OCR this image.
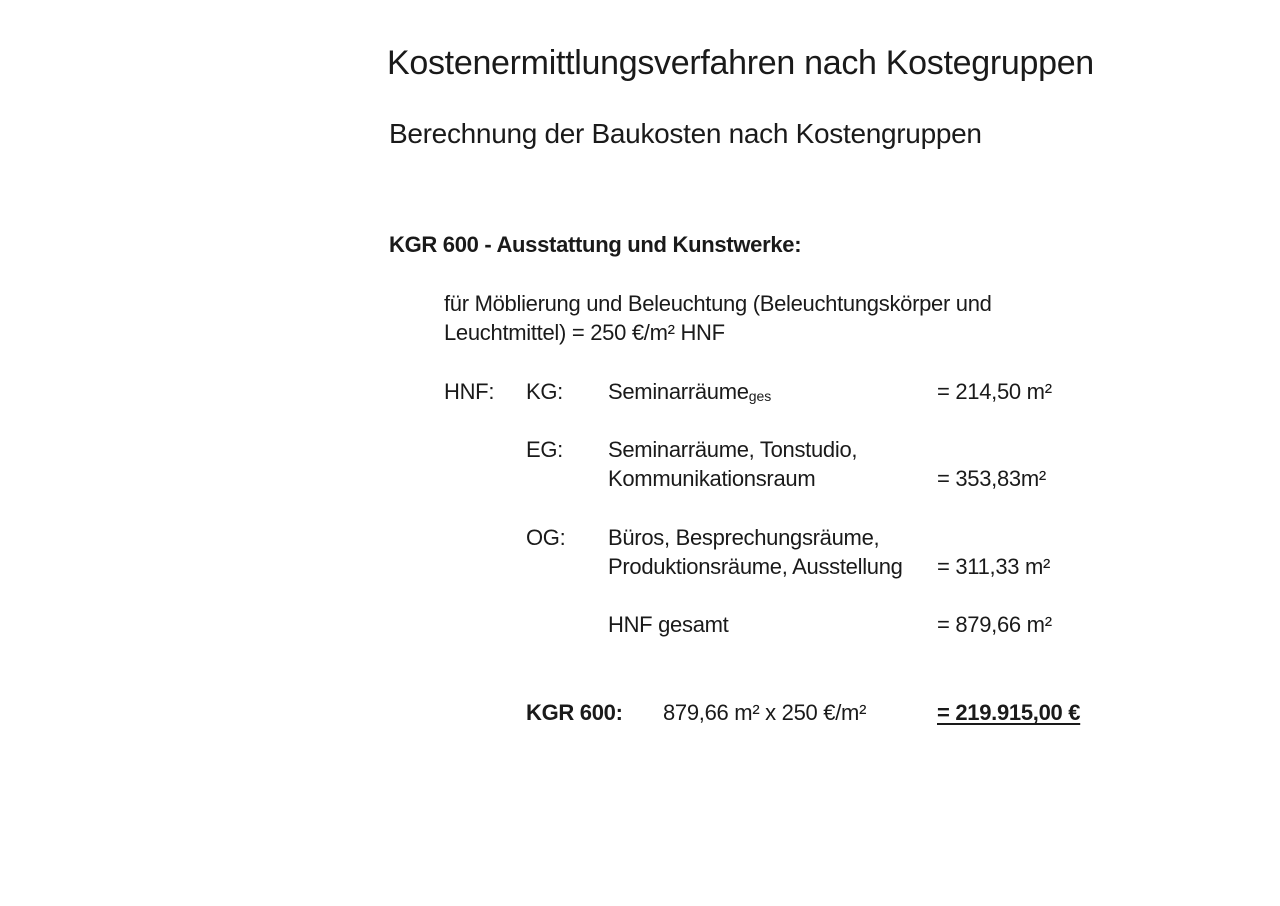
Kostenermittlungsverfahren nach Kostegruppen
Berechnung der Baukosten nach Kostengruppen
KGR 600 - Ausstattung und Kunstwerke:
für Möblierung und Beleuchtung (Beleuchtungskörper und
Leuchtmittel) = 250 €/m² HNF
HNF: KG: Seminarräume$_{ges}$	= 214,50 m²
EG: Seminarräume, Tonstudio,
Kommunikationsraum	= 353,83m²
OG: Büros, Besprechungsräume,
Produktionsräume, Ausstellung = 311,33 m²
HNF gesamt	= 879,66 m²
KGR 600: 879,66 m² x 250 €/m²	= 219.915,00 €
